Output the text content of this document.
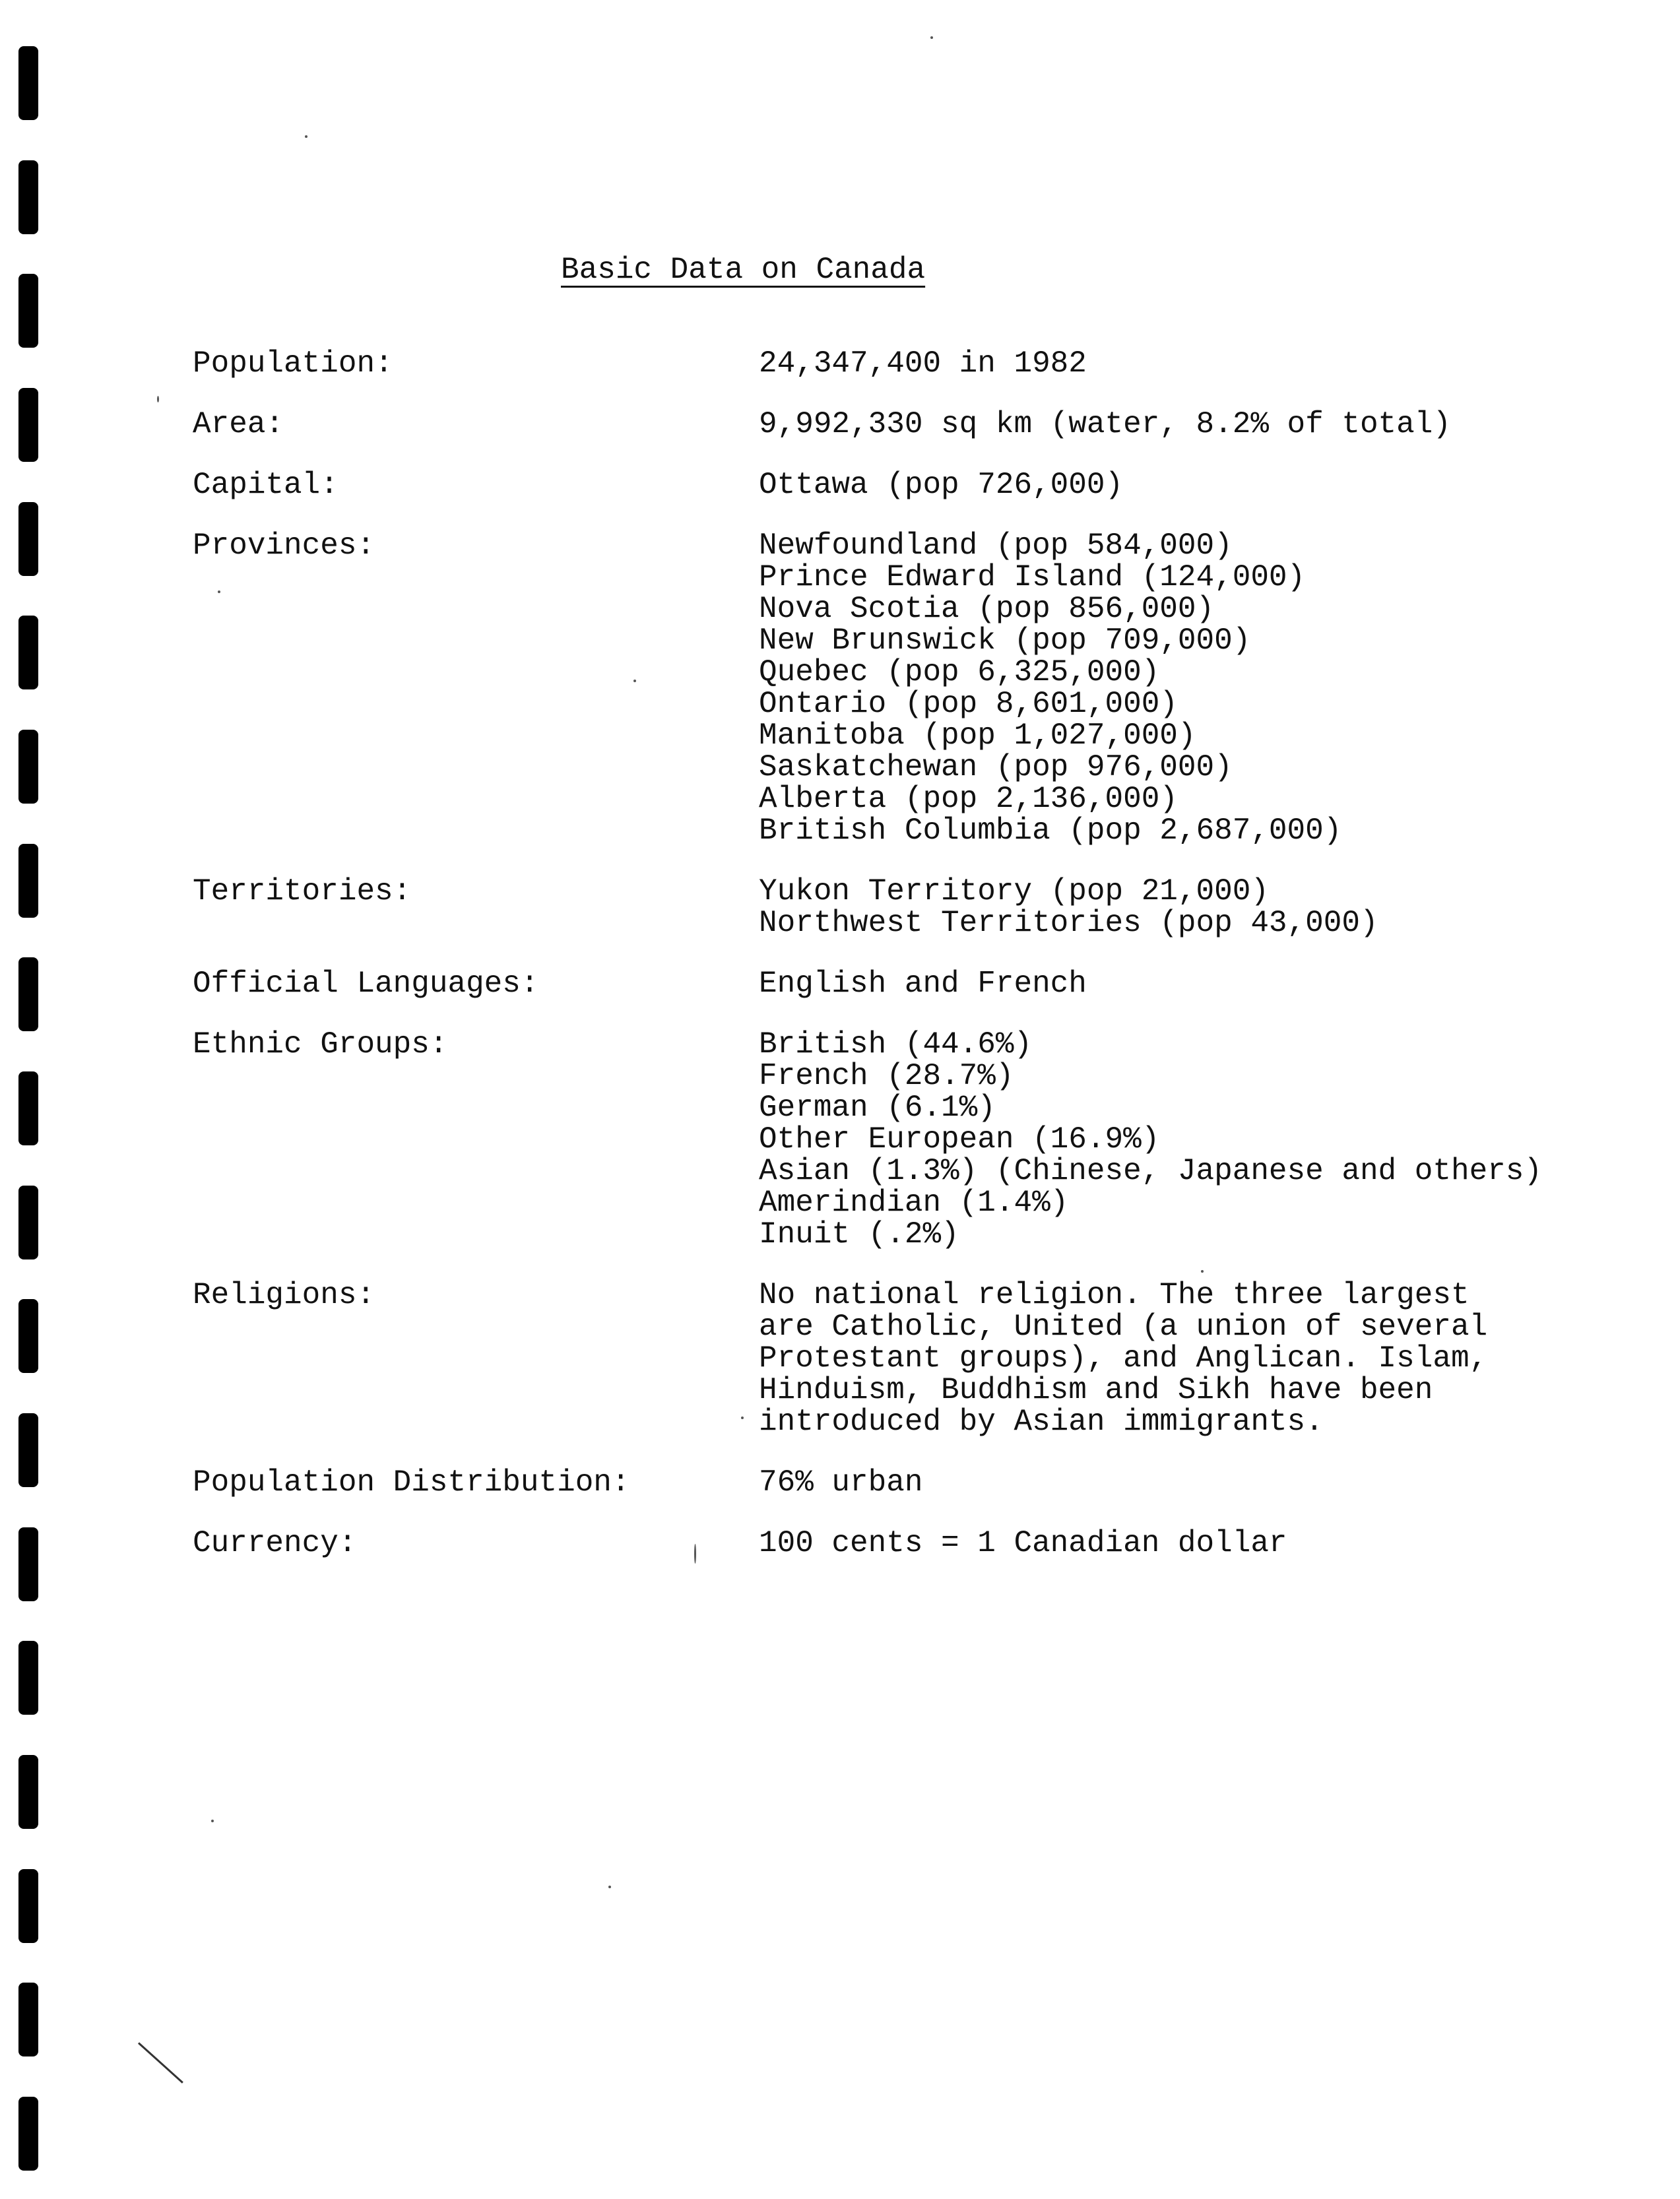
Basic Data on Canada
Population:	24,347,400 in 1982
Area:	9,992,330 sq km (water, 8.2% of total)
Capital:	Ottawa (pop 726,000)
Provinces:	Newfoundland (pop 584,000)
Prince Edward Island (124,000)
Nova Scotia (pop 856,000)
New Brunswick (pop 709,000)
Quebec (pop 6,325,000)
Ontario (pop 8,601,000)
Manitoba (pop 1,027,000)
Saskatchewan (pop 976,000)
Alberta (pop 2,136,000)
British Columbia (pop 2,687,000)
Territories:	Yukon Territory (pop 21,000)
Northwest Territories (pop 43,000)
Official Languages:	English and French
Ethnic Groups:	British (44.6%)
French (28.7%)
German (6.1%)
Other European (16.9%)
Asian (1.3%) (Chinese, Japanese and others)
Amerindian (1.4%)
Inuit (.2%)
Religions:	No national religion. The three largest
are Catholic, United (a union of several
Protestant groups), and Anglican. Islam,
Hinduism, Buddhism and Sikh have been
introduced by Asian immigrants.
Population Distribution:	76% urban
Currency:	100 cents = 1 Canadian dollar
